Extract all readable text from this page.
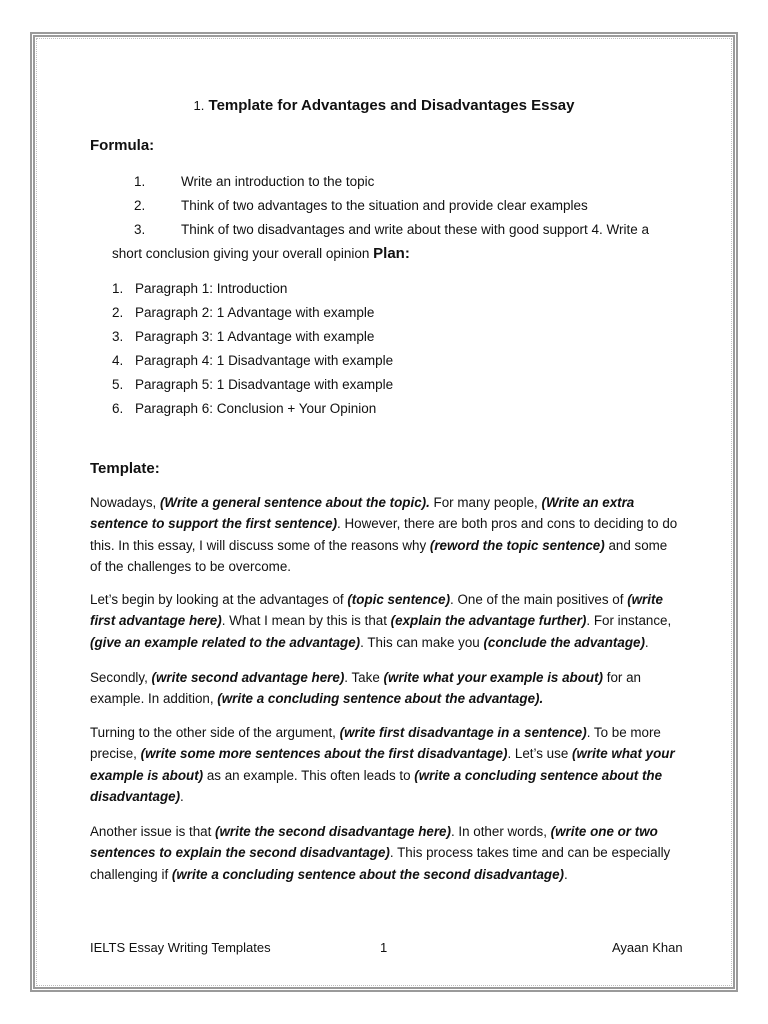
1. Template for Advantages and Disadvantages Essay
Formula:
1.	Write an introduction to the topic
2.	Think of two advantages to the situation and provide clear examples
3.	Think of two disadvantages and write about these with good support 4. Write a
short conclusion giving your overall opinion Plan:
1. Paragraph 1: Introduction
2. Paragraph 2: 1 Advantage with example
3. Paragraph 3: 1 Advantage with example
4. Paragraph 4: 1 Disadvantage with example
5. Paragraph 5: 1 Disadvantage with example
6. Paragraph 6: Conclusion + Your Opinion
Template:
Nowadays, (Write a general sentence about the topic). For many people, (Write an extra sentence to support the first sentence). However, there are both pros and cons to deciding to do this. In this essay, I will discuss some of the reasons why (reword the topic sentence) and some of the challenges to be overcome.
Let’s begin by looking at the advantages of (topic sentence). One of the main positives of (write first advantage here). What I mean by this is that (explain the advantage further). For instance, (give an example related to the advantage). This can make you (conclude the advantage).
Secondly, (write second advantage here). Take (write what your example is about) for an example. In addition, (write a concluding sentence about the advantage).
Turning to the other side of the argument, (write first disadvantage in a sentence). To be more precise, (write some more sentences about the first disadvantage). Let’s use (write what your example is about) as an example. This often leads to (write a concluding sentence about the disadvantage).
Another issue is that (write the second disadvantage here). In other words, (write one or two sentences to explain the second disadvantage). This process takes time and can be especially challenging if (write a concluding sentence about the second disadvantage).
IELTS Essay Writing Templates	1	Ayaan Khan
